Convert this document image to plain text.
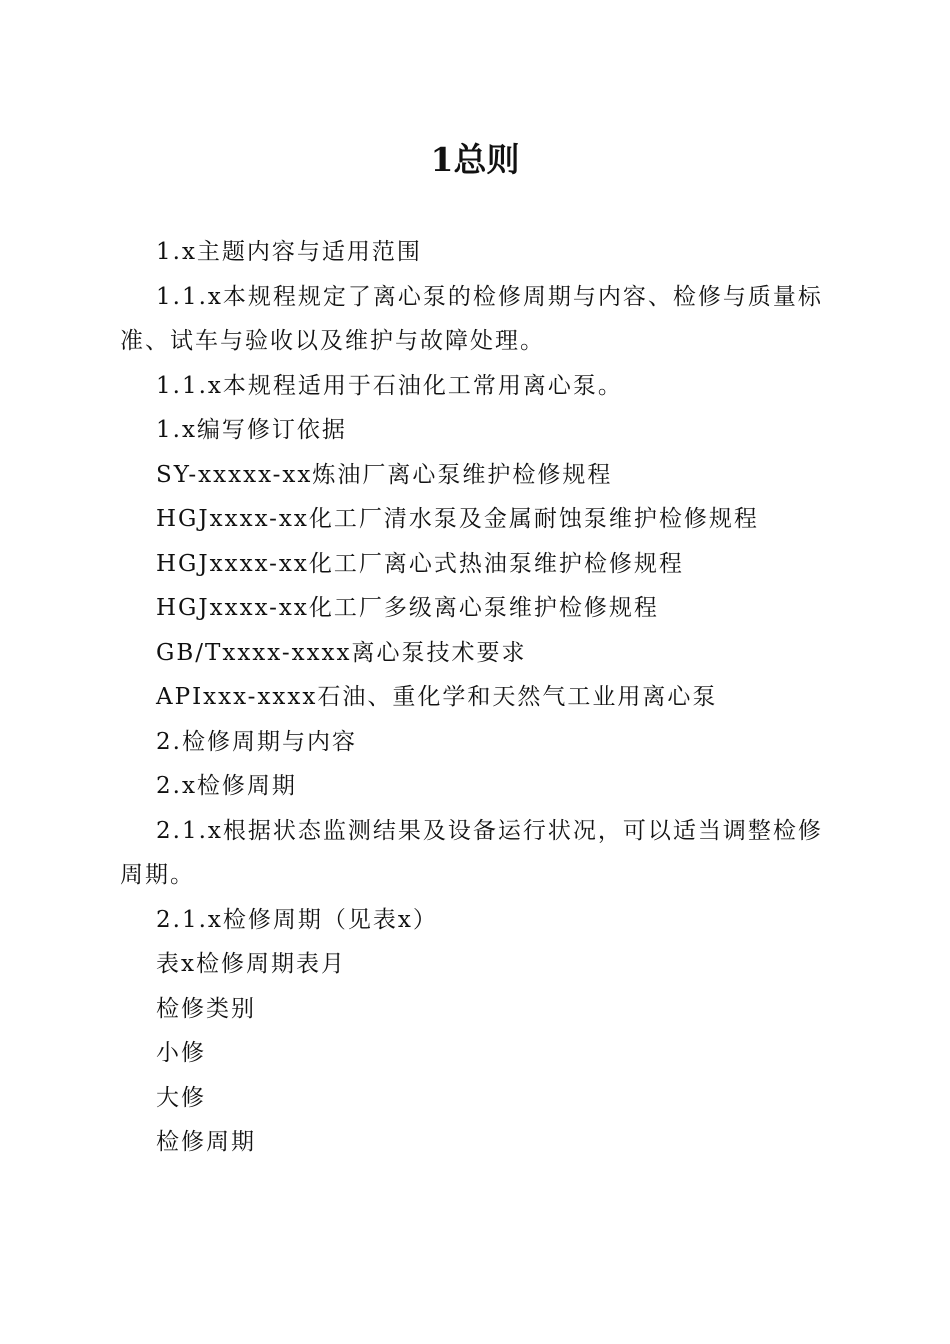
1总则

1.x主题内容与适用范围

1.1.x本规程规定了离心泵的检修周期与内容、检修与质量标准、试车与验收以及维护与故障处理。

1.1.x本规程适用于石油化工常用离心泵。

1.x编写修订依据

SY-xxxxx-xx炼油厂离心泵维护检修规程

HGJxxxx-xx化工厂清水泵及金属耐蚀泵维护检修规程

HGJxxxx-xx化工厂离心式热油泵维护检修规程

HGJxxxx-xx化工厂多级离心泵维护检修规程

GB/Txxxx-xxxx离心泵技术要求

APIxxx-xxxx石油、重化学和天然气工业用离心泵

2.检修周期与内容

2.x检修周期

2.1.x根据状态监测结果及设备运行状况，可以适当调整检修周期。

2.1.x检修周期（见表x）

表x检修周期表月

检修类别

小修

大修

检修周期
